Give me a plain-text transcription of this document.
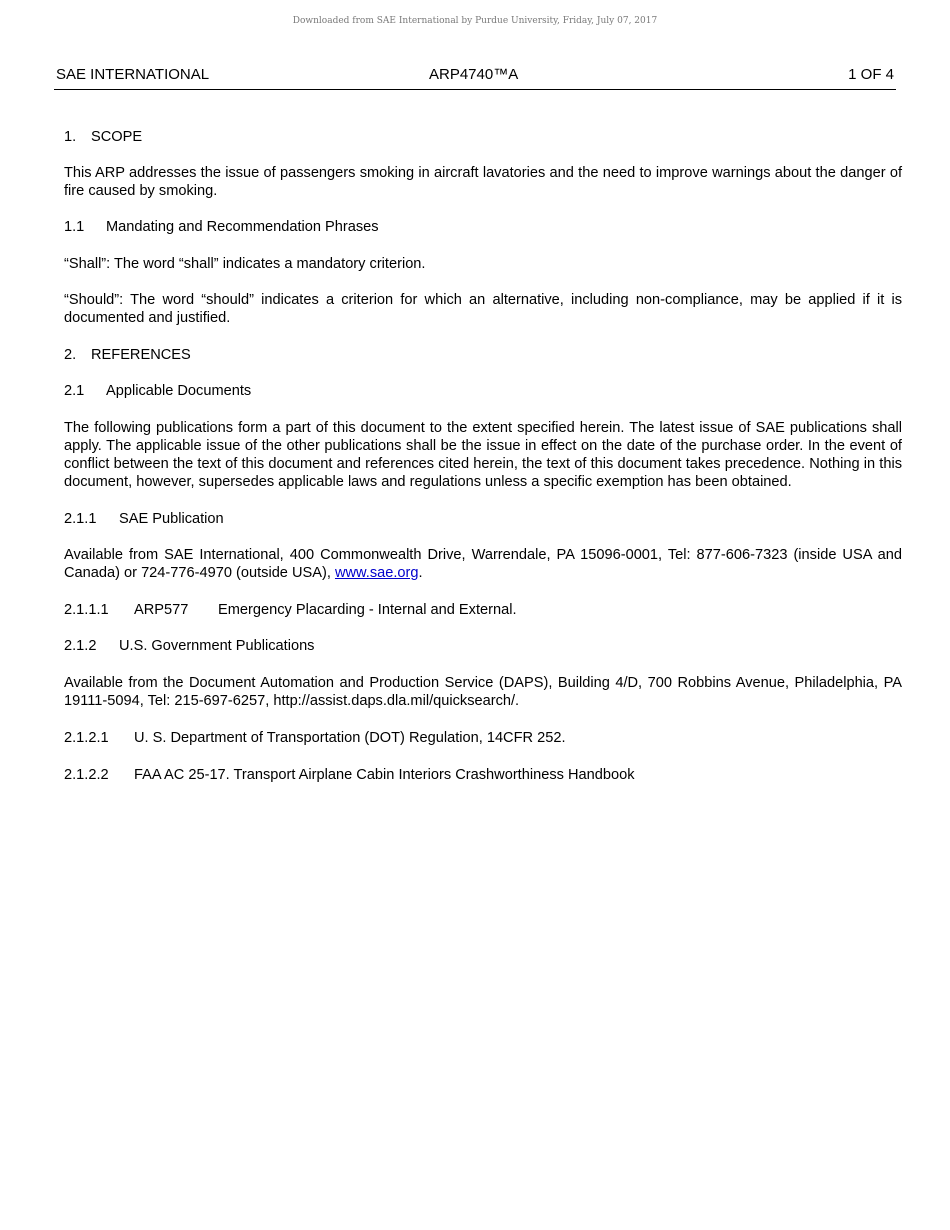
Downloaded from SAE International by Purdue University, Friday, July 07, 2017
SAE INTERNATIONAL	ARP4740™A	1 OF 4
1. SCOPE

This ARP addresses the issue of passengers smoking in aircraft lavatories and the need to improve warnings about the danger of fire caused by smoking.

1.1 Mandating and Recommendation Phrases

“Shall”: The word “shall” indicates a mandatory criterion.

“Should”: The word “should” indicates a criterion for which an alternative, including non-compliance, may be applied if it is documented and justified.

2. REFERENCES
2.1 Applicable Documents

The following publications form a part of this document to the extent specified herein. The latest issue of SAE publications shall apply. The applicable issue of the other publications shall be the issue in effect on the date of the purchase order. In the event of conflict between the text of this document and references cited herein, the text of this document takes precedence. Nothing in this document, however, supersedes applicable laws and regulations unless a specific exemption has been obtained.

2.1.1 SAE Publication

Available from SAE International, 400 Commonwealth Drive, Warrendale, PA 15096-0001, Tel: 877-606-7323 (inside USA and Canada) or 724-776-4970 (outside USA), www.sae.org.

2.1.1.1 ARP577 Emergency Placarding - Internal and External.
2.1.2 U.S. Government Publications

Available from the Document Automation and Production Service (DAPS), Building 4/D, 700 Robbins Avenue, Philadelphia, PA 19111-5094, Tel: 215-697-6257, http://assist.daps.dla.mil/quicksearch/.

2.1.2.1 U. S. Department of Transportation (DOT) Regulation, 14CFR 252.
2.1.2.2 FAA AC 25-17. Transport Airplane Cabin Interiors Crashworthiness Handbook
